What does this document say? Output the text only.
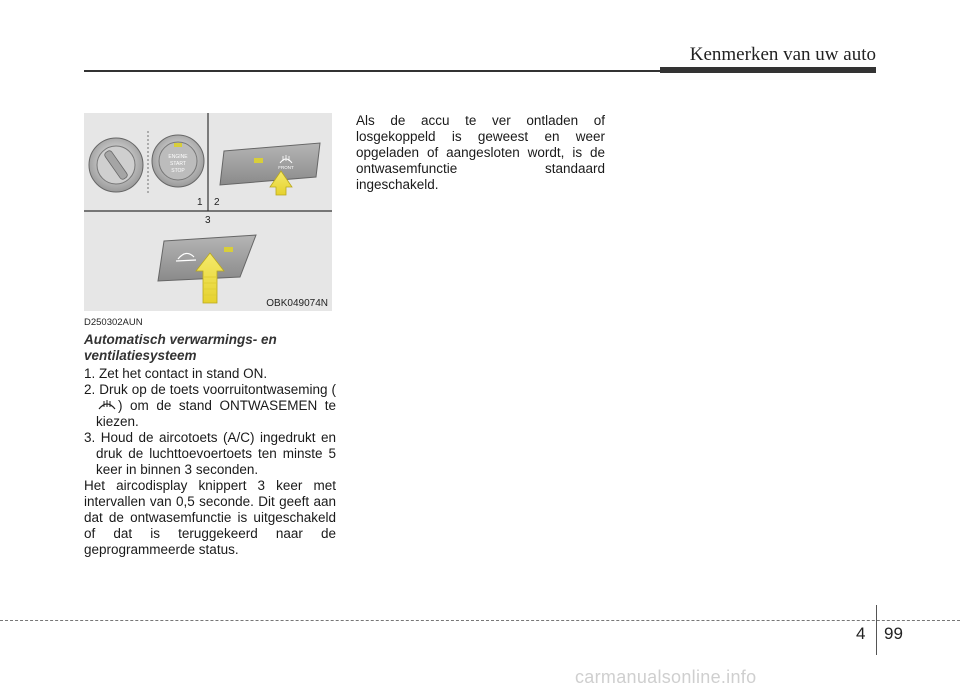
Kenmerken van uw auto
ENGINE
START
STOP
FRONT
1 2
3
OBK049074N
D250302AUN
Automatisch verwarmings- en ventilatiesysteem

1. Zet het contact in stand ON.

2. Druk op de toets voorruitontwaseming () om de stand ONTWASEMEN te kiezen.

3. Houd de aircotoets (A/C) ingedrukt en druk de luchttoevoertoets ten minste 5 keer in binnen 3 seconden.

Het aircodisplay knippert 3 keer met intervallen van 0,5 seconde. Dit geeft aan dat de ontwasemfunctie is uitgeschakeld of dat is teruggekeerd naar de geprogrammeerde status.

Als de accu te ver ontladen of losgekoppeld is geweest en weer opgeladen of aangesloten wordt, is de ontwasemfunctie standaard ingeschakeld.

4 99
carmanualsonline.info
